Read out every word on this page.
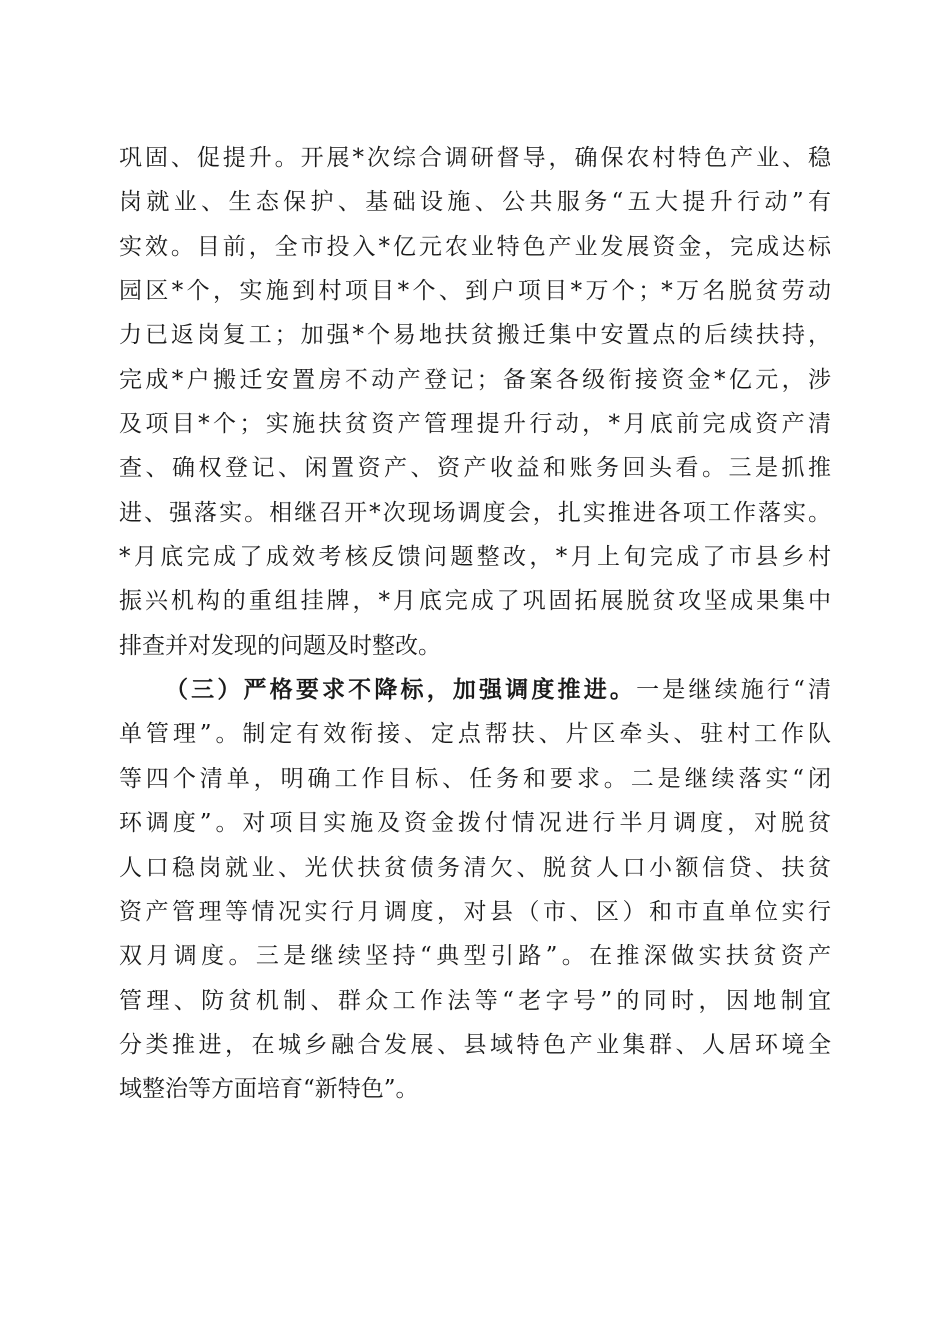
巩固、促提升。开展*次综合调研督导，确保农村特色产业、稳
岗就业、生态保护、基础设施、公共服务“五大提升行动”有
实效。目前，全市投入*亿元农业特色产业发展资金，完成达标
园区*个，实施到村项目*个、到户项目*万个；*万名脱贫劳动
力已返岗复工；加强*个易地扶贫搬迁集中安置点的后续扶持，
完成*户搬迁安置房不动产登记；备案各级衔接资金*亿元，涉
及项目*个；实施扶贫资产管理提升行动，*月底前完成资产清
查、确权登记、闲置资产、资产收益和账务回头看。三是抓推
进、强落实。相继召开*次现场调度会，扎实推进各项工作落实。
*月底完成了成效考核反馈问题整改，*月上旬完成了市县乡村
振兴机构的重组挂牌，*月底完成了巩固拓展脱贫攻坚成果集中
排查并对发现的问题及时整改。
（三）严格要求不降标，加强调度推进。一是继续施行“清
单管理”。制定有效衔接、定点帮扶、片区牵头、驻村工作队
等四个清单，明确工作目标、任务和要求。二是继续落实“闭
环调度”。对项目实施及资金拨付情况进行半月调度，对脱贫
人口稳岗就业、光伏扶贫债务清欠、脱贫人口小额信贷、扶贫
资产管理等情况实行月调度，对县（市、区）和市直单位实行
双月调度。三是继续坚持“典型引路”。在推深做实扶贫资产
管理、防贫机制、群众工作法等“老字号”的同时，因地制宜
分类推进，在城乡融合发展、县域特色产业集群、人居环境全
域整治等方面培育“新特色”。
